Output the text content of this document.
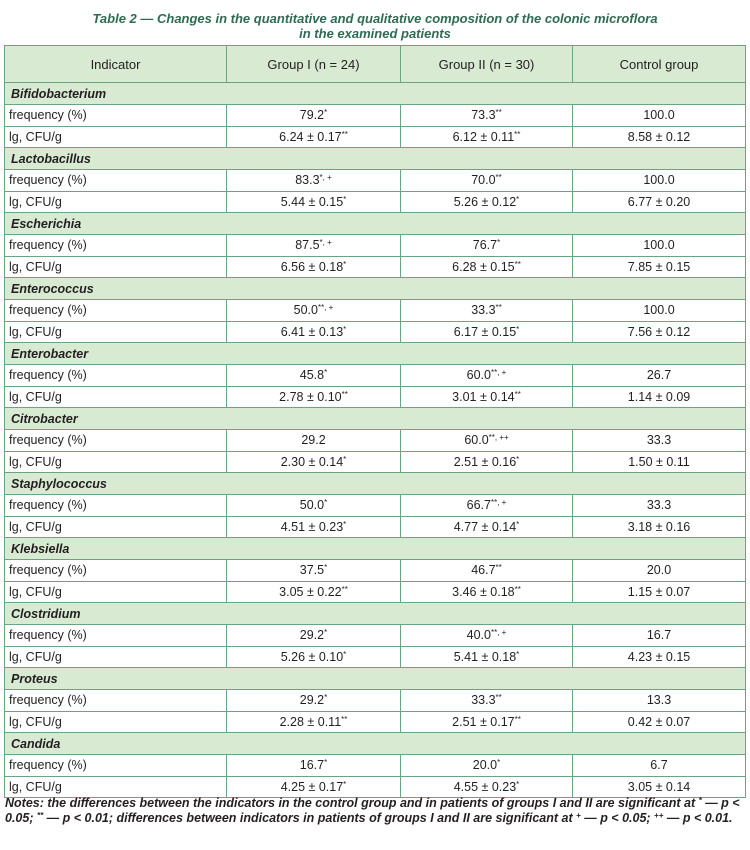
Table 2 — Changes in the quantitative and qualitative composition of the colonic microflora
in the examined patients
Indicator	Group I (n = 24)	Group II (n = 30)	Control group
Bifidobacterium			
frequency (%)	79.2*	73.3**	100.0
lg, CFU/g	6.24 ± 0.17**	6.12 ± 0.11**	8.58 ± 0.12
Lactobacillus			
frequency (%)	83.3*, +	70.0**	100.0
lg, CFU/g	5.44 ± 0.15*	5.26 ± 0.12*	6.77 ± 0.20
Escherichia			
frequency (%)	87.5*, +	76.7*	100.0
lg, CFU/g	6.56 ± 0.18*	6.28 ± 0.15**	7.85 ± 0.15
Enterococcus			
frequency (%)	50.0**, +	33.3**	100.0
lg, CFU/g	6.41 ± 0.13*	6.17 ± 0.15*	7.56 ± 0.12
Enterobacter			
frequency (%)	45.8*	60.0**, +	26.7
lg, CFU/g	2.78 ± 0.10**	3.01 ± 0.14**	1.14 ± 0.09
Citrobacter			
frequency (%)	29.2	60.0**, ++	33.3
lg, CFU/g	2.30 ± 0.14*	2.51 ± 0.16*	1.50 ± 0.11
Staphylococcus			
frequency (%)	50.0*	66.7**, +	33.3
lg, CFU/g	4.51 ± 0.23*	4.77 ± 0.14*	3.18 ± 0.16
Klebsiella			
frequency (%)	37.5*	46.7**	20.0
lg, CFU/g	3.05 ± 0.22**	3.46 ± 0.18**	1.15 ± 0.07
Clostridium			
frequency (%)	29.2*	40.0**, +	16.7
lg, CFU/g	5.26 ± 0.10*	5.41 ± 0.18*	4.23 ± 0.15
Proteus			
frequency (%)	29.2*	33.3**	13.3
lg, CFU/g	2.28 ± 0.11**	2.51 ± 0.17**	0.42 ± 0.07
Candida			
frequency (%)	16.7*	20.0*	6.7
lg, CFU/g	4.25 ± 0.17*	4.55 ± 0.23*	3.05 ± 0.14
Notes: the differences between the indicators in the control group and in patients of groups I and II are significant at * — p < 0.05; ** — p < 0.01; differences between indicators in patients of groups I and II are significant at + — p < 0.05; ++ — p < 0.01.
